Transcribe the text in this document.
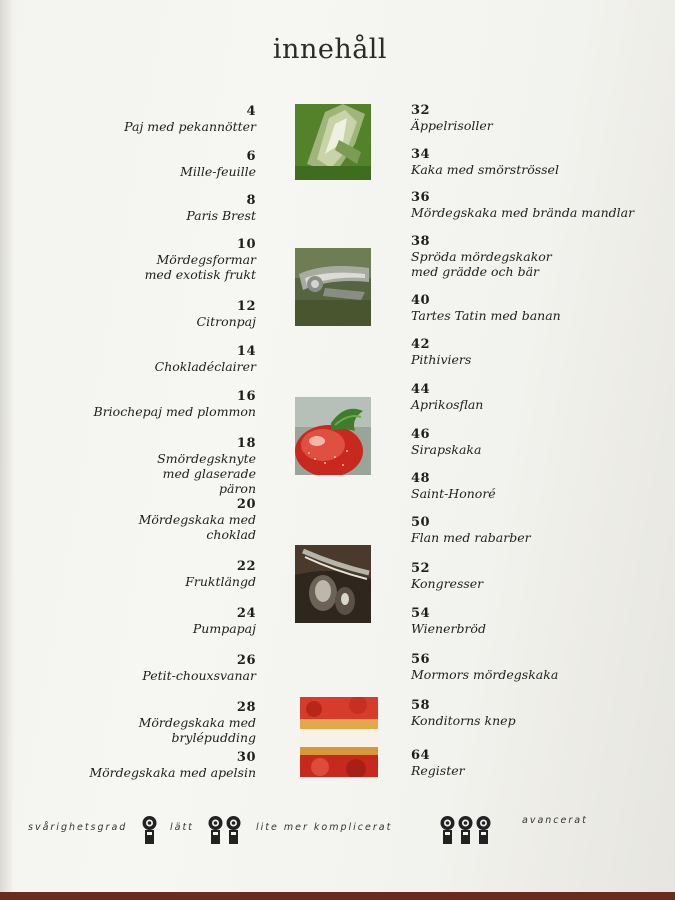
innehåll
4
Paj med pekannötter
6
Mille-feuille
8
Paris Brest
10
Mördegsformar med exotisk frukt
12
Citronpaj
14
Chokladéclairer
16
Briochepaj med plommon
18
Smördegsknyte med glaserade päron
20
Mördegskaka med choklad
22
Fruktlängd
24
Pumpapaj
26
Petit-chouxsvanar
28
Mördegskaka med brylépudding
30
Mördegskaka med apelsin
32
Äppelrisoller
34
Kaka med smörströssel
36
Mördegskaka med brända mandlar
38
Spröda mördegskakor med grädde och bär
40
Tartes Tatin med banan
42
Pithiviers
44
Aprikosflan
46
Sirapskaka
48
Saint-Honoré
50
Flan med rabarber
52
Kongresser
54
Wienerbröd
56
Mormors mördegskaka
58
Konditorns knep
64
Register
svårighetsgrad	lätt	lite mer komplicerat
avancerat
